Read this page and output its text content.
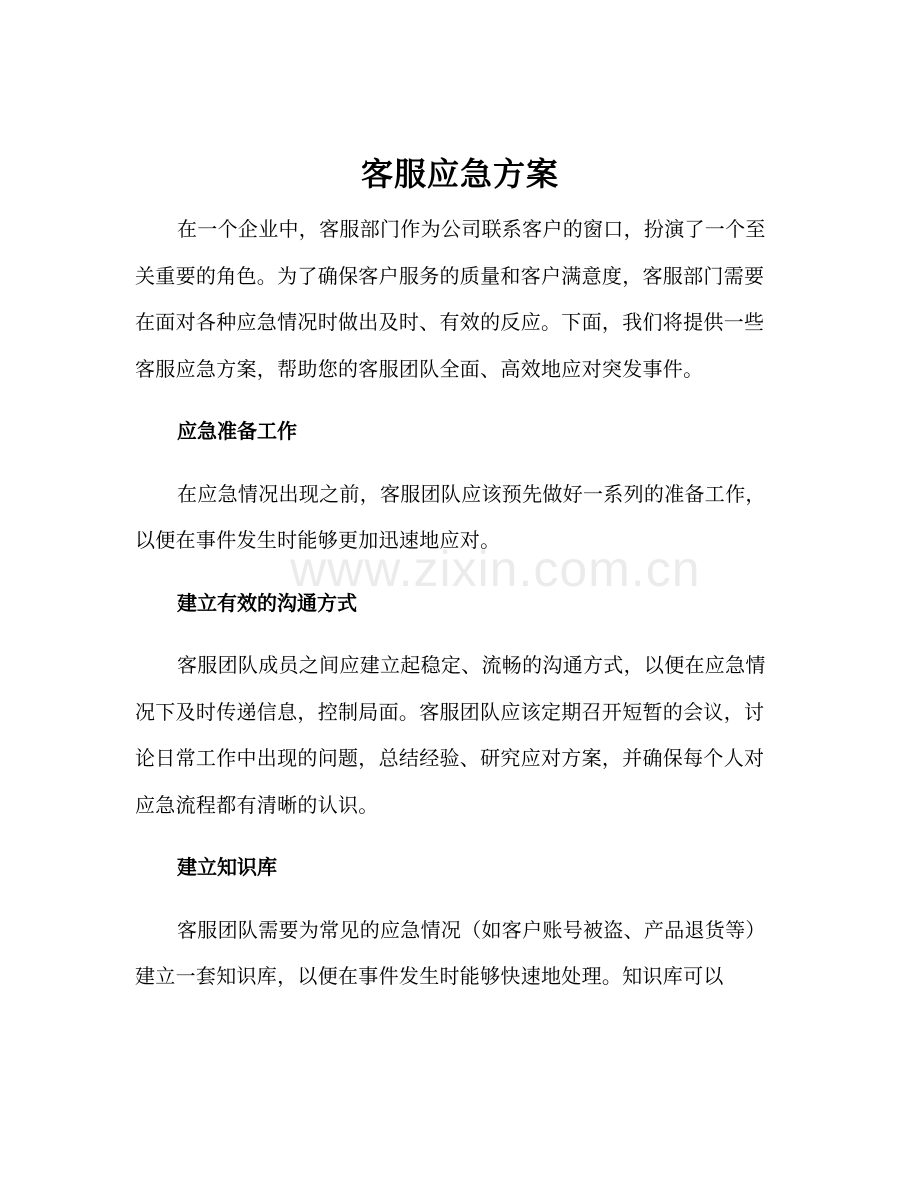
客服应急方案

在一个企业中，客服部门作为公司联系客户的窗口，扮演了一个至关重要的角色。为了确保客户服务的质量和客户满意度，客服部门需要在面对各种应急情况时做出及时、有效的反应。下面，我们将提供一些客服应急方案，帮助您的客服团队全面、高效地应对突发事件。

应急准备工作

在应急情况出现之前，客服团队应该预先做好一系列的准备工作，以便在事件发生时能够更加迅速地应对。

建立有效的沟通方式

客服团队成员之间应建立起稳定、流畅的沟通方式，以便在应急情况下及时传递信息，控制局面。客服团队应该定期召开短暂的会议，讨论日常工作中出现的问题，总结经验、研究应对方案，并确保每个人对应急流程都有清晰的认识。

建立知识库

客服团队需要为常见的应急情况（如客户账号被盗、产品退货等）建立一套知识库，以便在事件发生时能够快速地处理。知识库可以

www.zixin.com.cn
